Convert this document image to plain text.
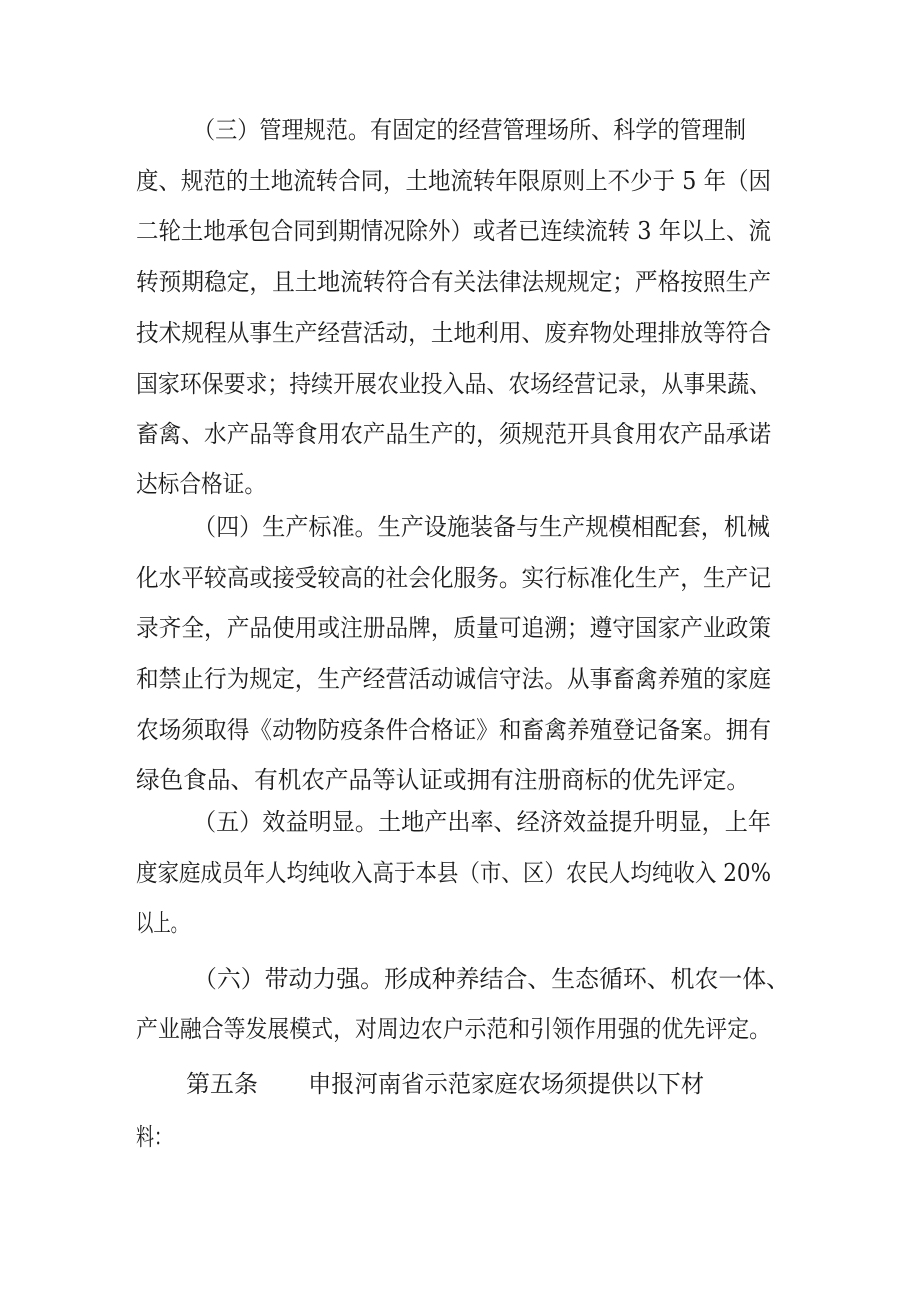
（三）管理规范。有固定的经营管理场所、科学的管理制
度、规范的土地流转合同，土地流转年限原则上不少于 5 年（因
二轮土地承包合同到期情况除外）或者已连续流转 3 年以上、流
转预期稳定，且土地流转符合有关法律法规规定；严格按照生产
技术规程从事生产经营活动，土地利用、废弃物处理排放等符合
国家环保要求；持续开展农业投入品、农场经营记录，从事果蔬、
畜禽、水产品等食用农产品生产的，须规范开具食用农产品承诺
达标合格证。
（四）生产标准。生产设施装备与生产规模相配套，机械
化水平较高或接受较高的社会化服务。实行标准化生产，生产记
录齐全，产品使用或注册品牌，质量可追溯；遵守国家产业政策
和禁止行为规定，生产经营活动诚信守法。从事畜禽养殖的家庭
农场须取得《动物防疫条件合格证》和畜禽养殖登记备案。拥有
绿色食品、有机农产品等认证或拥有注册商标的优先评定。
（五）效益明显。土地产出率、经济效益提升明显，上年
度家庭成员年人均纯收入高于本县（市、区）农民人均纯收入 20%
以上。
（六）带动力强。形成种养结合、生态循环、机农一体、
产业融合等发展模式，对周边农户示范和引领作用强的优先评定。
第五条 申报河南省示范家庭农场须提供以下材
料：
